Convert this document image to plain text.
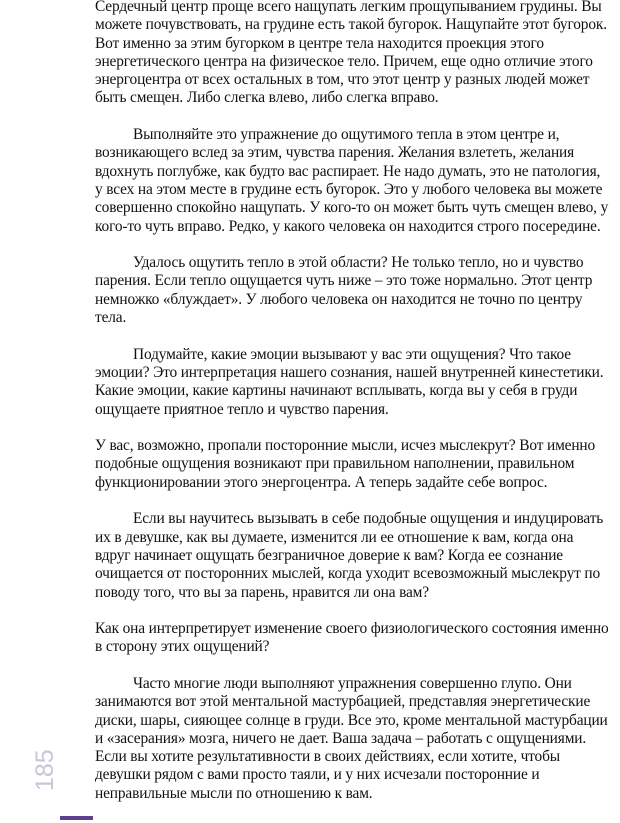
Сердечный центр проще всего нащупать легким прощупыванием грудины. Вы можете почувствовать, на грудине есть такой бугорок. Нащупайте этот бугорок. Вот именно за этим бугорком в центре тела находится проекция этого энергетического центра на физическое тело. Причем, еще одно отличие этого энергоцентра от всех остальных в том, что этот центр у разных людей может быть смещен. Либо слегка влево, либо слегка вправо.

Выполняйте это упражнение до ощутимого тепла в этом центре и, возникающего вслед за этим, чувства парения. Желания взлететь, желания вдохнуть поглубже, как будто вас распирает. Не надо думать, это не патология, у всех на этом месте в грудине есть бугорок. Это у любого человека вы можете совершенно спокойно нащупать. У кого-то он может быть чуть смещен влево, у кого-то чуть вправо. Редко, у какого человека он находится строго посередине.

Удалось ощутить тепло в этой области? Не только тепло, но и чувство парения. Если тепло ощущается чуть ниже – это тоже нормально. Этот центр немножко «блуждает». У любого человека он находится не точно по центру тела.

Подумайте, какие эмоции вызывают у вас эти ощущения? Что такое эмоции? Это интерпретация нашего сознания, нашей внутренней кинестетики. Какие эмоции, какие картины начинают всплывать, когда вы у себя в груди ощущаете приятное тепло и чувство парения.

У вас, возможно, пропали посторонние мысли, исчез мыслекрут? Вот именно подобные ощущения возникают при правильном наполнении, правильном функционировании этого энергоцентра. А теперь задайте себе вопрос.

Если вы научитесь вызывать в себе подобные ощущения и индуцировать их в девушке, как вы думаете, изменится ли ее отношение к вам, когда она вдруг начинает ощущать безграничное доверие к вам? Когда ее сознание очищается от посторонних мыслей, когда уходит всевозможный мыслекрут по поводу того, что вы за парень, нравится ли она вам?

Как она интерпретирует изменение своего физиологического состояния именно в сторону этих ощущений?

Часто многие люди выполняют упражнения совершенно глупо. Они занимаются вот этой ментальной мастурбацией, представляя энергетические диски, шары, сияющее солнце в груди. Все это, кроме ментальной мастурбации и «засерания» мозга, ничего не дает. Ваша задача – работать с ощущениями. Если вы хотите результативности в своих действиях, если хотите, чтобы девушки рядом с вами просто таяли, и у них исчезали посторонние и неправильные мысли по отношению к вам.

185
